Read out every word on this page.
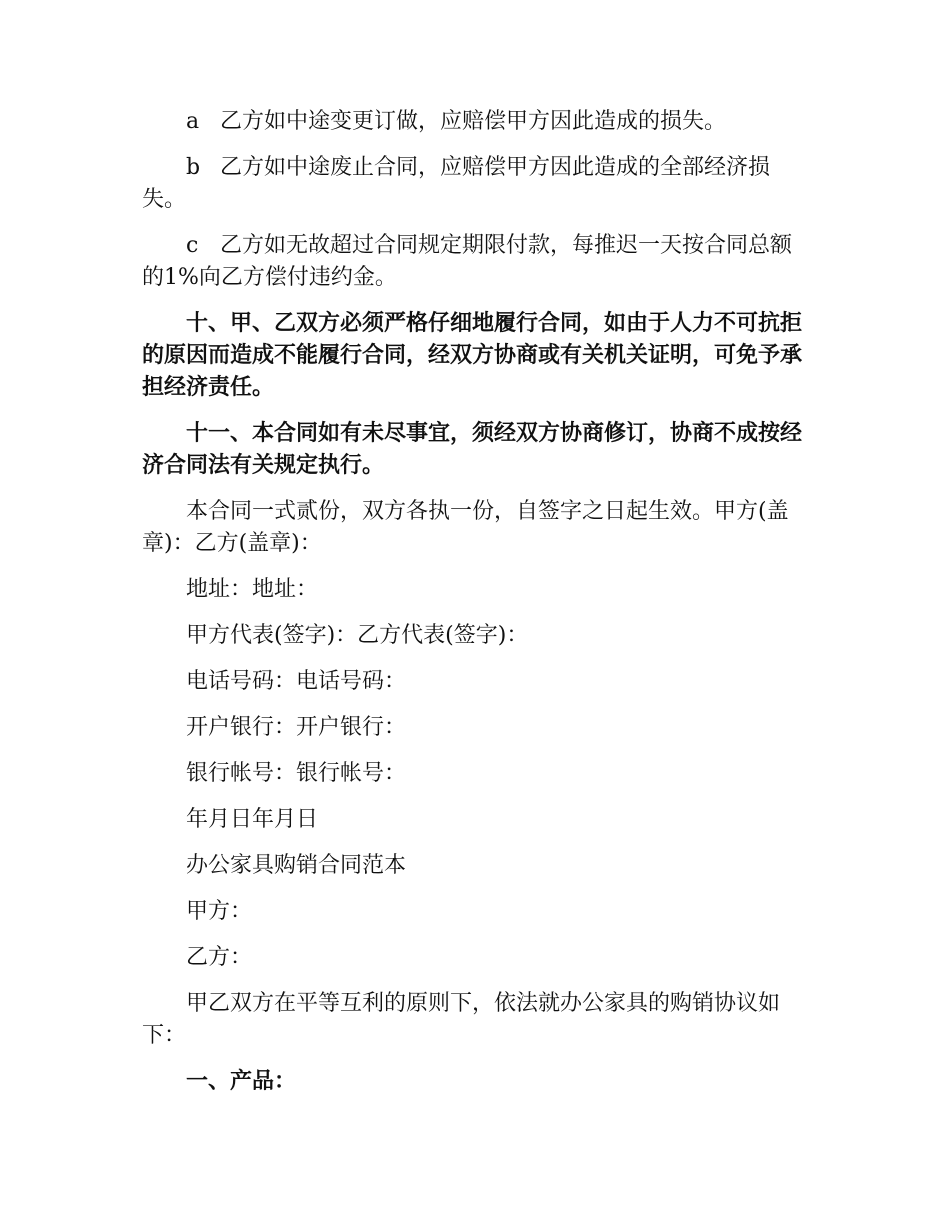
a 乙方如中途变更订做，应赔偿甲方因此造成的损失。

b 乙方如中途废止合同，应赔偿甲方因此造成的全部经济损失。

c 乙方如无故超过合同规定期限付款，每推迟一天按合同总额的1%向乙方偿付违约金。

十、甲、乙双方必须严格仔细地履行合同，如由于人力不可抗拒的原因而造成不能履行合同，经双方协商或有关机关证明，可免予承担经济责任。

十一、本合同如有未尽事宜，须经双方协商修订，协商不成按经济合同法有关规定执行。

本合同一式贰份，双方各执一份，自签字之日起生效。甲方(盖章)：乙方(盖章)：

地址：地址：

甲方代表(签字)：乙方代表(签字)：

电话号码：电话号码：

开户银行：开户银行：

银行帐号：银行帐号：

年月日年月日

办公家具购销合同范本

甲方：

乙方：

甲乙双方在平等互利的原则下，依法就办公家具的购销协议如下：

一、产品：
